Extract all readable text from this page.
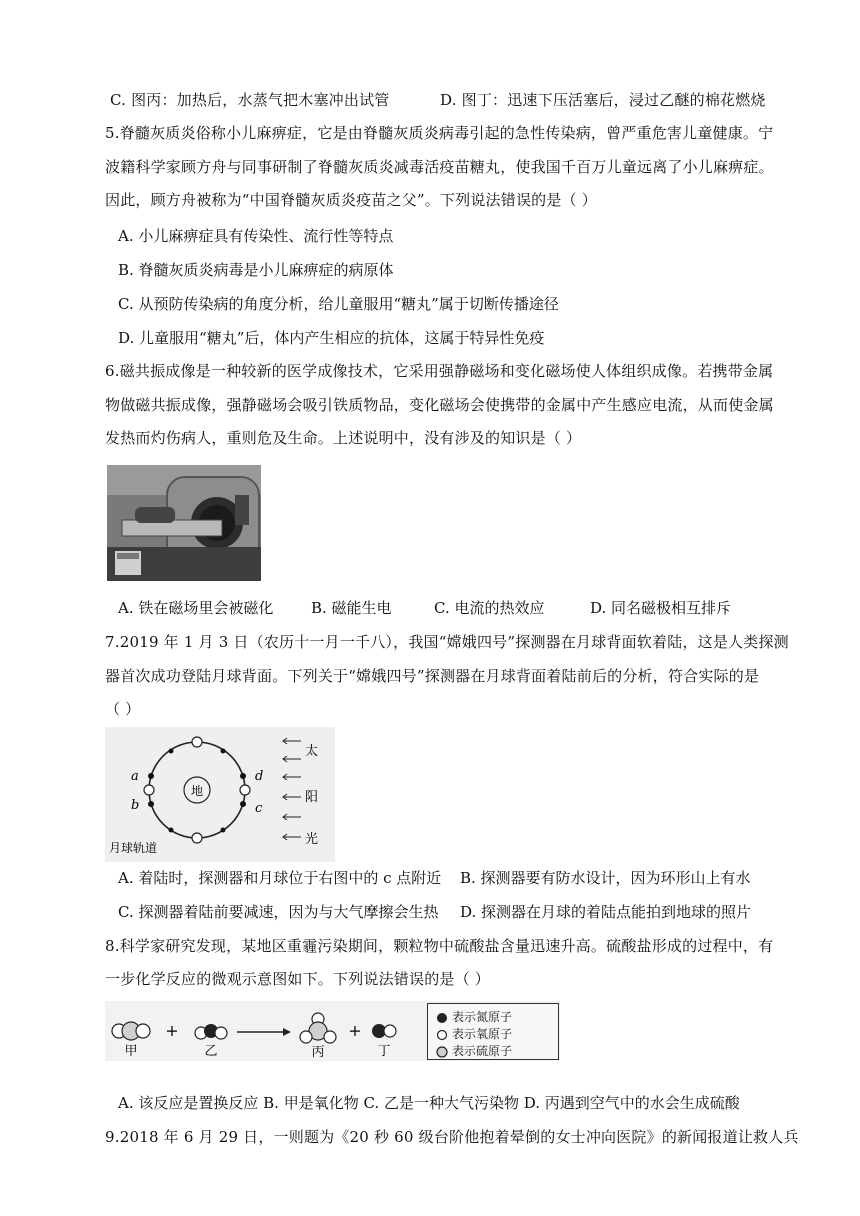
C. 图丙：加热后，水蒸气把木塞冲出试管	D. 图丁：迅速下压活塞后，浸过乙醚的棉花燃烧
5.脊髓灰质炎俗称小儿麻痹症，它是由脊髓灰质炎病毒引起的急性传染病，曾严重危害儿童健康。宁
波籍科学家顾方舟与同事研制了脊髓灰质炎减毒活疫苗糖丸，使我国千百万儿童远离了小儿麻痹症。
因此，顾方舟被称为“中国脊髓灰质炎疫苗之父”。下列说法错误的是（ ）
A. 小儿麻痹症具有传染性、流行性等特点
B. 脊髓灰质炎病毒是小儿麻痹症的病原体
C. 从预防传染病的角度分析，给儿童服用“糖丸”属于切断传播途径
D. 儿童服用“糖丸”后，体内产生相应的抗体，这属于特异性免疫
6.磁共振成像是一种较新的医学成像技术，它采用强静磁场和变化磁场使人体组织成像。若携带金属
物做磁共振成像，强静磁场会吸引铁质物品，变化磁场会使携带的金属中产生感应电流，从而使金属
发热而灼伤病人，重则危及生命。上述说明中，没有涉及的知识是（ ）
A. 铁在磁场里会被磁化	B. 磁能生电	C. 电流的热效应	D. 同名磁极相互排斥
7.2019 年 1 月 3 日（农历十一月一千八），我国“嫦娥四号”探测器在月球背面软着陆，这是人类探测
器首次成功登陆月球背面。下列关于“嫦娥四号”探测器在月球背面着陆前后的分析，符合实际的是
（ ）
地
a
b	c
d
月球轨道
太
阳
光
A. 着陆时，探测器和月球位于右图中的 c 点附近 B. 探测器要有防水设计，因为环形山上有水
C. 探测器着陆前要减速，因为与大气摩擦会生热 D. 探测器在月球的着陆点能拍到地球的照片
8.科学家研究发现，某地区重霾污染期间，颗粒物中硫酸盐含量迅速升高。硫酸盐形成的过程中，有
一步化学反应的微观示意图如下。下列说法错误的是（ ）
甲
+
乙	丙
+
丁
表示氮原子
表示氧原子
表示硫原子
A. 该反应是置换反应 B. 甲是氧化物 C. 乙是一种大气污染物 D. 丙遇到空气中的水会生成硫酸
9.2018 年 6 月 29 日，一则题为《20 秒 60 级台阶他抱着晕倒的女士冲向医院》的新闻报道让救人兵
